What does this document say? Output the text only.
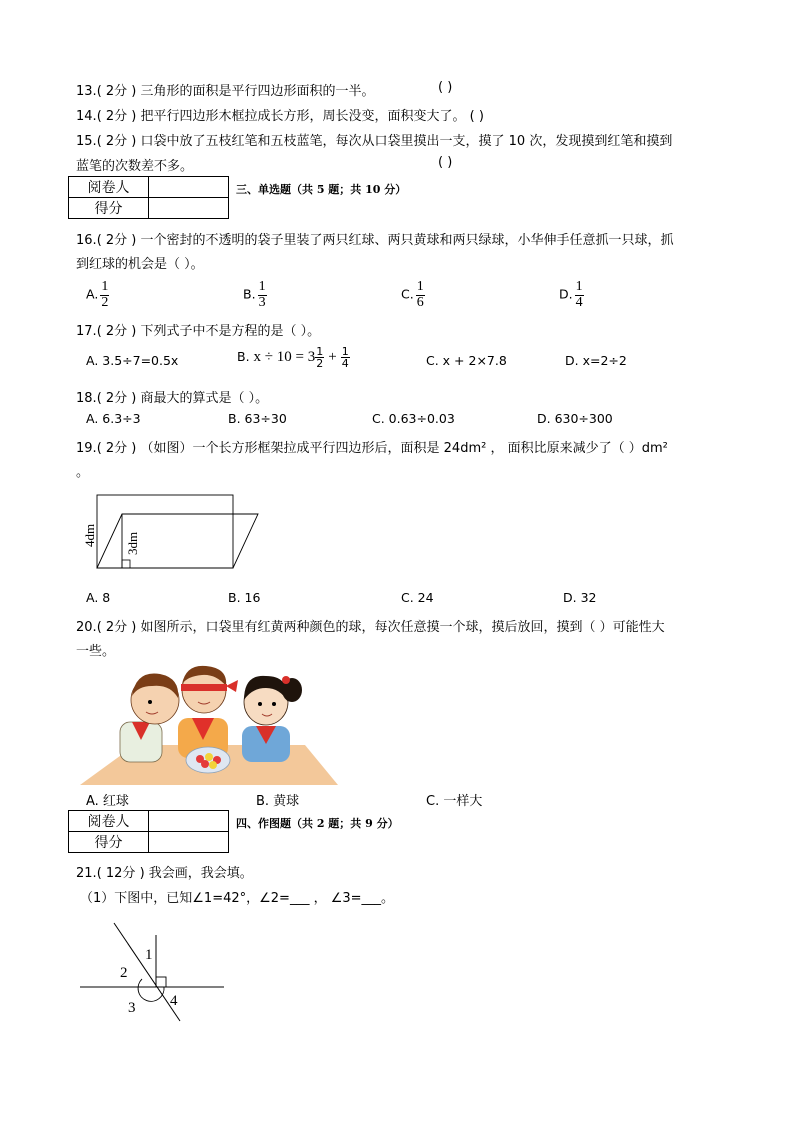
13.( 2分 ) 三角形的面积是平行四边形面积的一半。	( )
14.( 2分 ) 把平行四边形木框拉成长方形，周长没变，面积变大了。 ( )
15.( 2分 ) 口袋中放了五枝红笔和五枝蓝笔，每次从口袋里摸出一支，摸了 10 次，发现摸到红笔和摸到
蓝笔的次数差不多。	( )
阅卷人	
得分	
三、单选题（共 5 题；共 10 分）
16.( 2分 ) 一个密封的不透明的袋子里装了两只红球、两只黄球和两只绿球，小华伸手任意抓一只球，抓
到红球的机会是（ ）。
A. $\frac{1}{2}$	B. $\frac{1}{3}$	C. $\frac{1}{6}$	D. $\frac{1}{4}$
17.( 2分 ) 下列式子中不是方程的是（ ）。
A. 3.5÷7=0.5x	B. $x \div 10 = 3 \frac{1}{2} + \frac{1}{4}$	C. x + 2×7.8	D. x=2÷2
18.( 2分 ) 商最大的算式是（ ）。
A. 6.3÷3	B. 63÷30	C. 0.63÷0.03	D. 630÷300
19.( 2分 ) （如图）一个长方形框架拉成平行四边形后，面积是 24dm² ， 面积比原来减少了（ ）dm²
。
4dm 3dm
A. 8	B. 16	C. 24	D. 32
20.( 2分 ) 如图所示，口袋里有红黄两种颜色的球，每次任意摸一个球，摸后放回，摸到（ ）可能性大
一些。
A. 红球	B. 黄球	C. 一样大
阅卷人	
得分	
四、作图题（共 2 题；共 9 分）
21.( 12分 ) 我会画，我会填。
（1）下图中，已知∠1=42°，∠2=___ ， ∠3=___。
1
2
3 4
